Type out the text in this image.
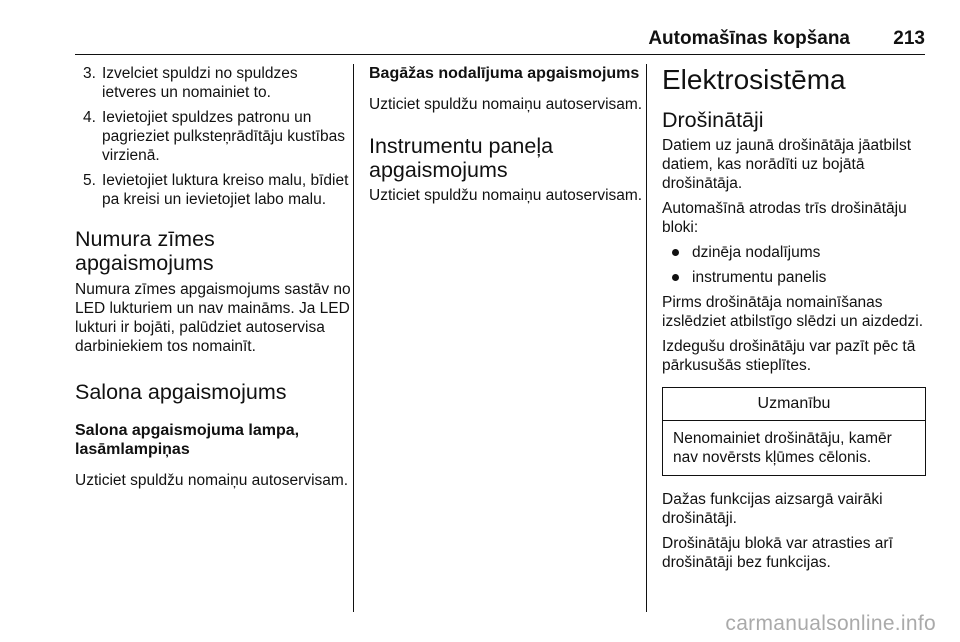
Automašīnas kopšana 213
3. Izvelciet spuldzi no spuldzes ietveres un nomainiet to.
4. Ievietojiet spuldzes patronu un pagrieziet pulksteņrādītāju kustības virzienā.
5. Ievietojiet luktura kreiso malu, bīdiet pa kreisi un ievietojiet labo malu.
Numura zīmes apgaismojums

Numura zīmes apgaismojums sastāv no LED lukturiem un nav maināms. Ja LED lukturi ir bojāti, palūdziet autoservisa darbiniekiem tos nomainīt.

Salona apgaismojums
Salona apgaismojuma lampa, lasāmlampiņas

Uzticiet spuldžu nomaiņu autoservisam.

Bagāžas nodalījuma apgaismojums

Uzticiet spuldžu nomaiņu autoservisam.

Instrumentu paneļa apgaismojums

Uzticiet spuldžu nomaiņu autoservisam.

Elektrosistēma
Drošinātāji

Datiem uz jaunā drošinātāja jāatbilst datiem, kas norādīti uz bojātā drošinātāja.

Automašīnā atrodas trīs drošinātāju bloki:

dzinēja nodalījums
instrumentu panelis

Pirms drošinātāja nomainīšanas izslēdziet atbilstīgo slēdzi un aizdedzi.

Izdegušu drošinātāju var pazīt pēc tā pārkusušās stieplītes.

Uzmanību
Nenomainiet drošinātāju, kamēr nav novērsts kļūmes cēlonis.

Dažas funkcijas aizsargā vairāki drošinātāji.

Drošinātāju blokā var atrasties arī drošinātāji bez funkcijas.

carmanualsonline.info
